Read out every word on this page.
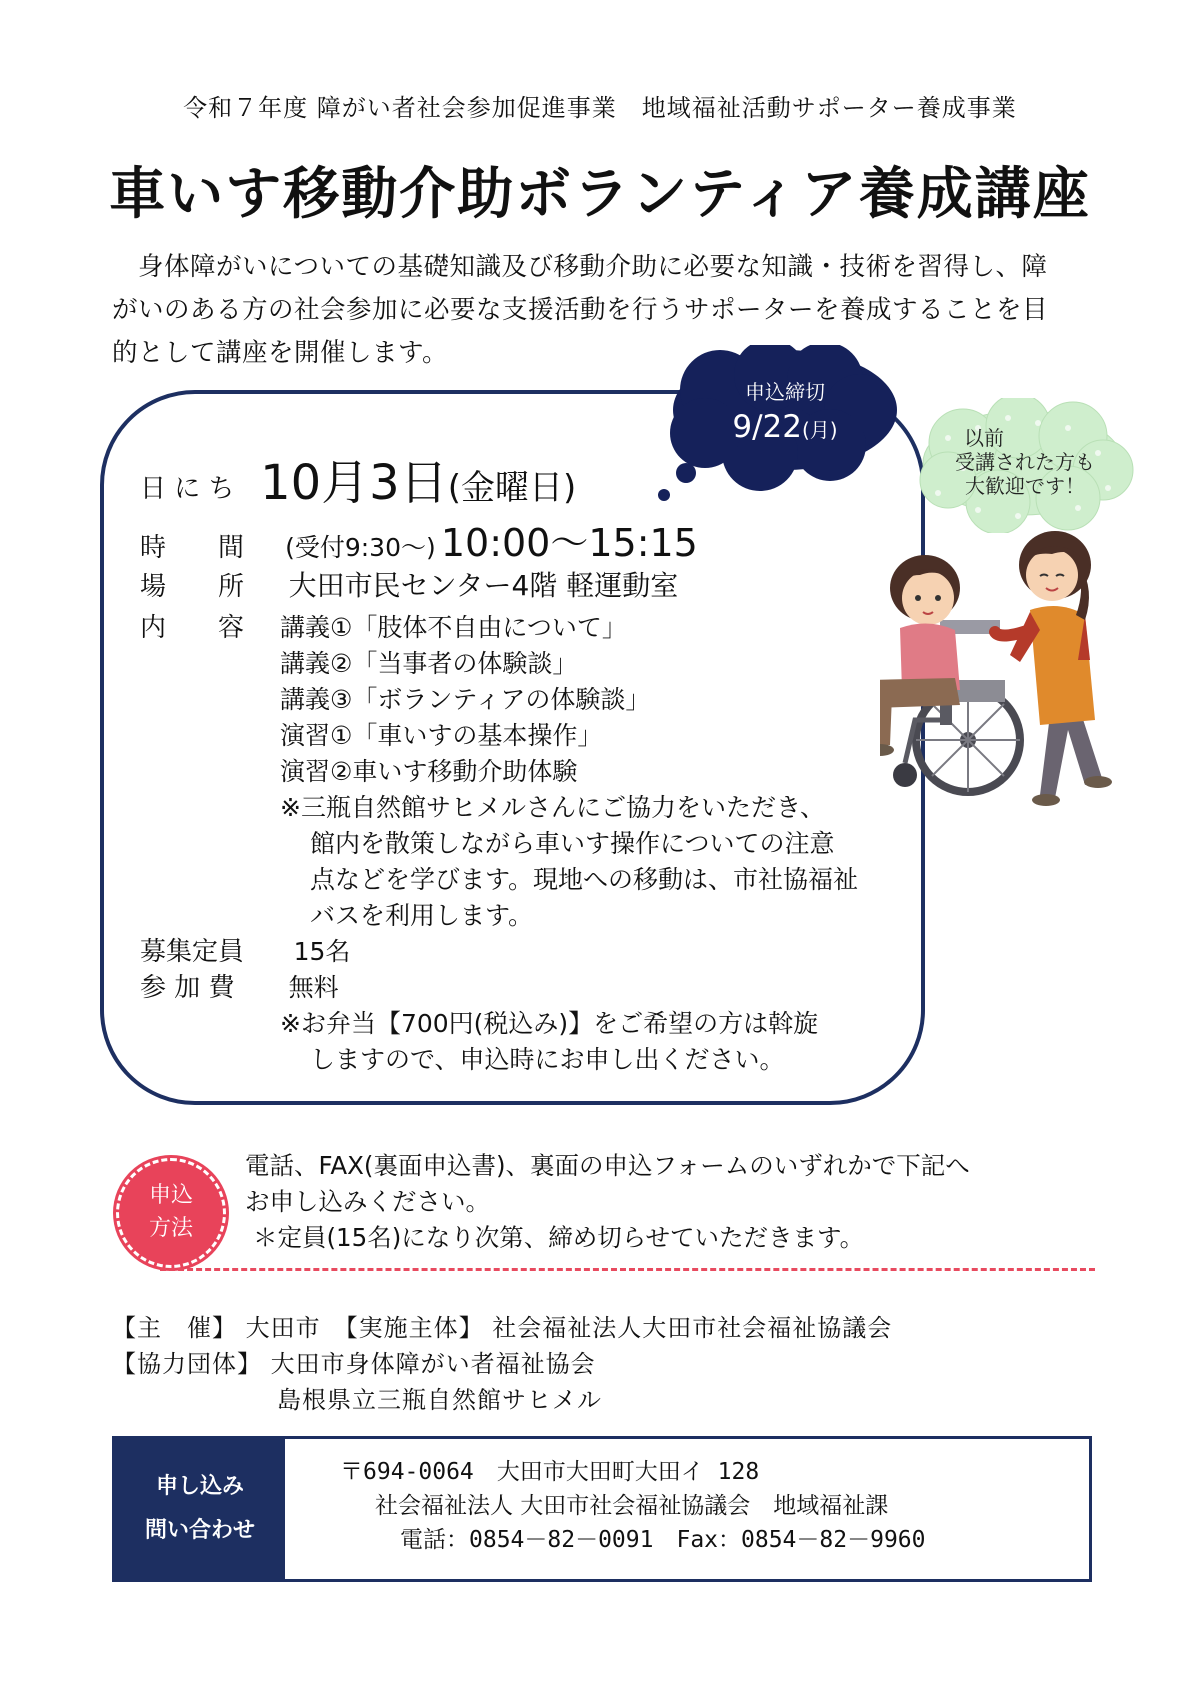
令和７年度 障がい者社会参加促進事業　地域福祉活動サポーター養成事業
車いす移動介助ボランティア養成講座
身体障がいについての基礎知識及び移動介助に必要な知識・技術を習得し、障
がいのある方の社会参加に必要な支援活動を行うサポーターを養成することを目
的として講座を開催します。
申込締切
9/22(月)	以前
受講された方も
大歓迎です！
日 に ち 10月3日(金曜日)
時　　間 (受付9:30～) 10:00～15:15
場　　所 大田市民センター4階 軽運動室
内　　容	講義①「肢体不自由について」
講義②「当事者の体験談」
講義③「ボランティアの体験談」
演習①「車いすの基本操作」
演習②車いす移動介助体験
※三瓶自然館サヒメルさんにご協力をいただき、
館内を散策しながら車いす操作についての注意
点などを学びます。現地への移動は、市社協福祉
バスを利用します。
募集定員 15名
参 加 費 無料
※お弁当【700円(税込み)】をご希望の方は斡旋
しますので、申込時にお申し出ください。
申込
方法
電話、FAX(裏面申込書)、裏面の申込フォームのいずれかで下記へ
お申し込みください。
＊定員(15名)になり次第、締め切らせていただきます。
【主　催】 大田市　【実施主体】 社会福祉法人大田市社会福祉協議会
【協力団体】 大田市身体障がい者福祉協会
島根県立三瓶自然館サヒメル
申し込み
問い合わせ
〒694-0064　大田市大田町大田イ 128
社会福祉法人 大田市社会福祉協議会　地域福祉課
電話：0854－82－0091　Fax：0854－82－9960
